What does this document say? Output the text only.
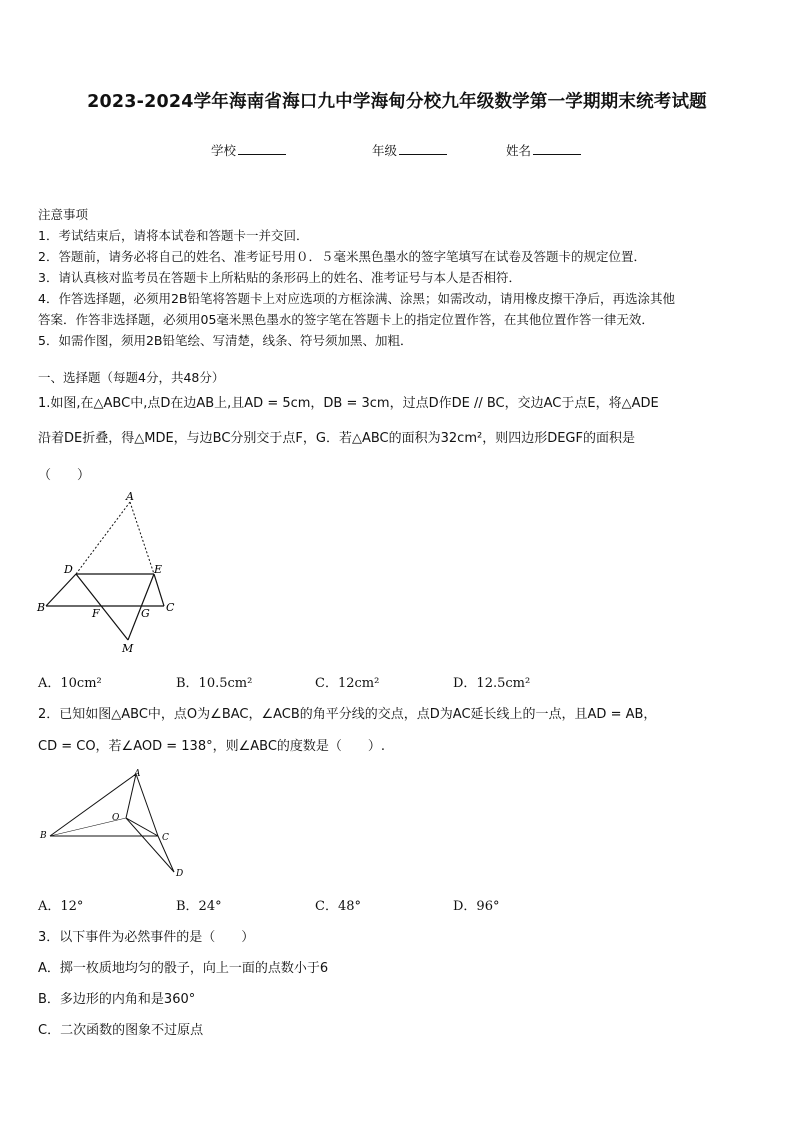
2023-2024学年海南省海口九中学海甸分校九年级数学第一学期期末统考试题
学校	年级	姓名
注意事项
1．考试结束后，请将本试卷和答题卡一并交回．
2．答题前，请务必将自己的姓名、准考证号用０．５毫米黑色墨水的签字笔填写在试卷及答题卡的规定位置．
3．请认真核对监考员在答题卡上所粘贴的条形码上的姓名、准考证号与本人是否相符．
4．作答选择题，必须用2B铅笔将答题卡上对应选项的方框涂满、涂黑；如需改动，请用橡皮擦干净后，再选涂其他
答案．作答非选择题，必须用05毫米黑色墨水的签字笔在答题卡上的指定位置作答，在其他位置作答一律无效．
5．如需作图，须用2B铅笔绘、写清楚，线条、符号须加黑、加粗．
一、选择题（每题4分，共48分）
1.如图,在△ABC中,点D在边AB上,且AD = 5cm，DB = 3cm，过点D作DE // BC，交边AC于点E，将△ADE
沿着DE折叠，得△MDE，与边BC分别交于点F，G．若△ABC的面积为32cm²，则四边形DEGF的面积是
（　　）
A
D	E
B	F	G C
M
A．10cm²	B．10.5cm²	C．12cm²	D．12.5cm²
2．已知如图△ABC中，点O为∠BAC，∠ACB的角平分线的交点，点D为AC延长线上的一点，且AD = AB，
CD = CO，若∠AOD = 138°，则∠ABC的度数是（　　）.
A
O
B	C
D
A．12°	B．24°	C．48°	D．96°
3．以下事件为必然事件的是（　　）
A．掷一枚质地均匀的骰子，向上一面的点数小于6
B．多边形的内角和是360°
C．二次函数的图象不过原点
